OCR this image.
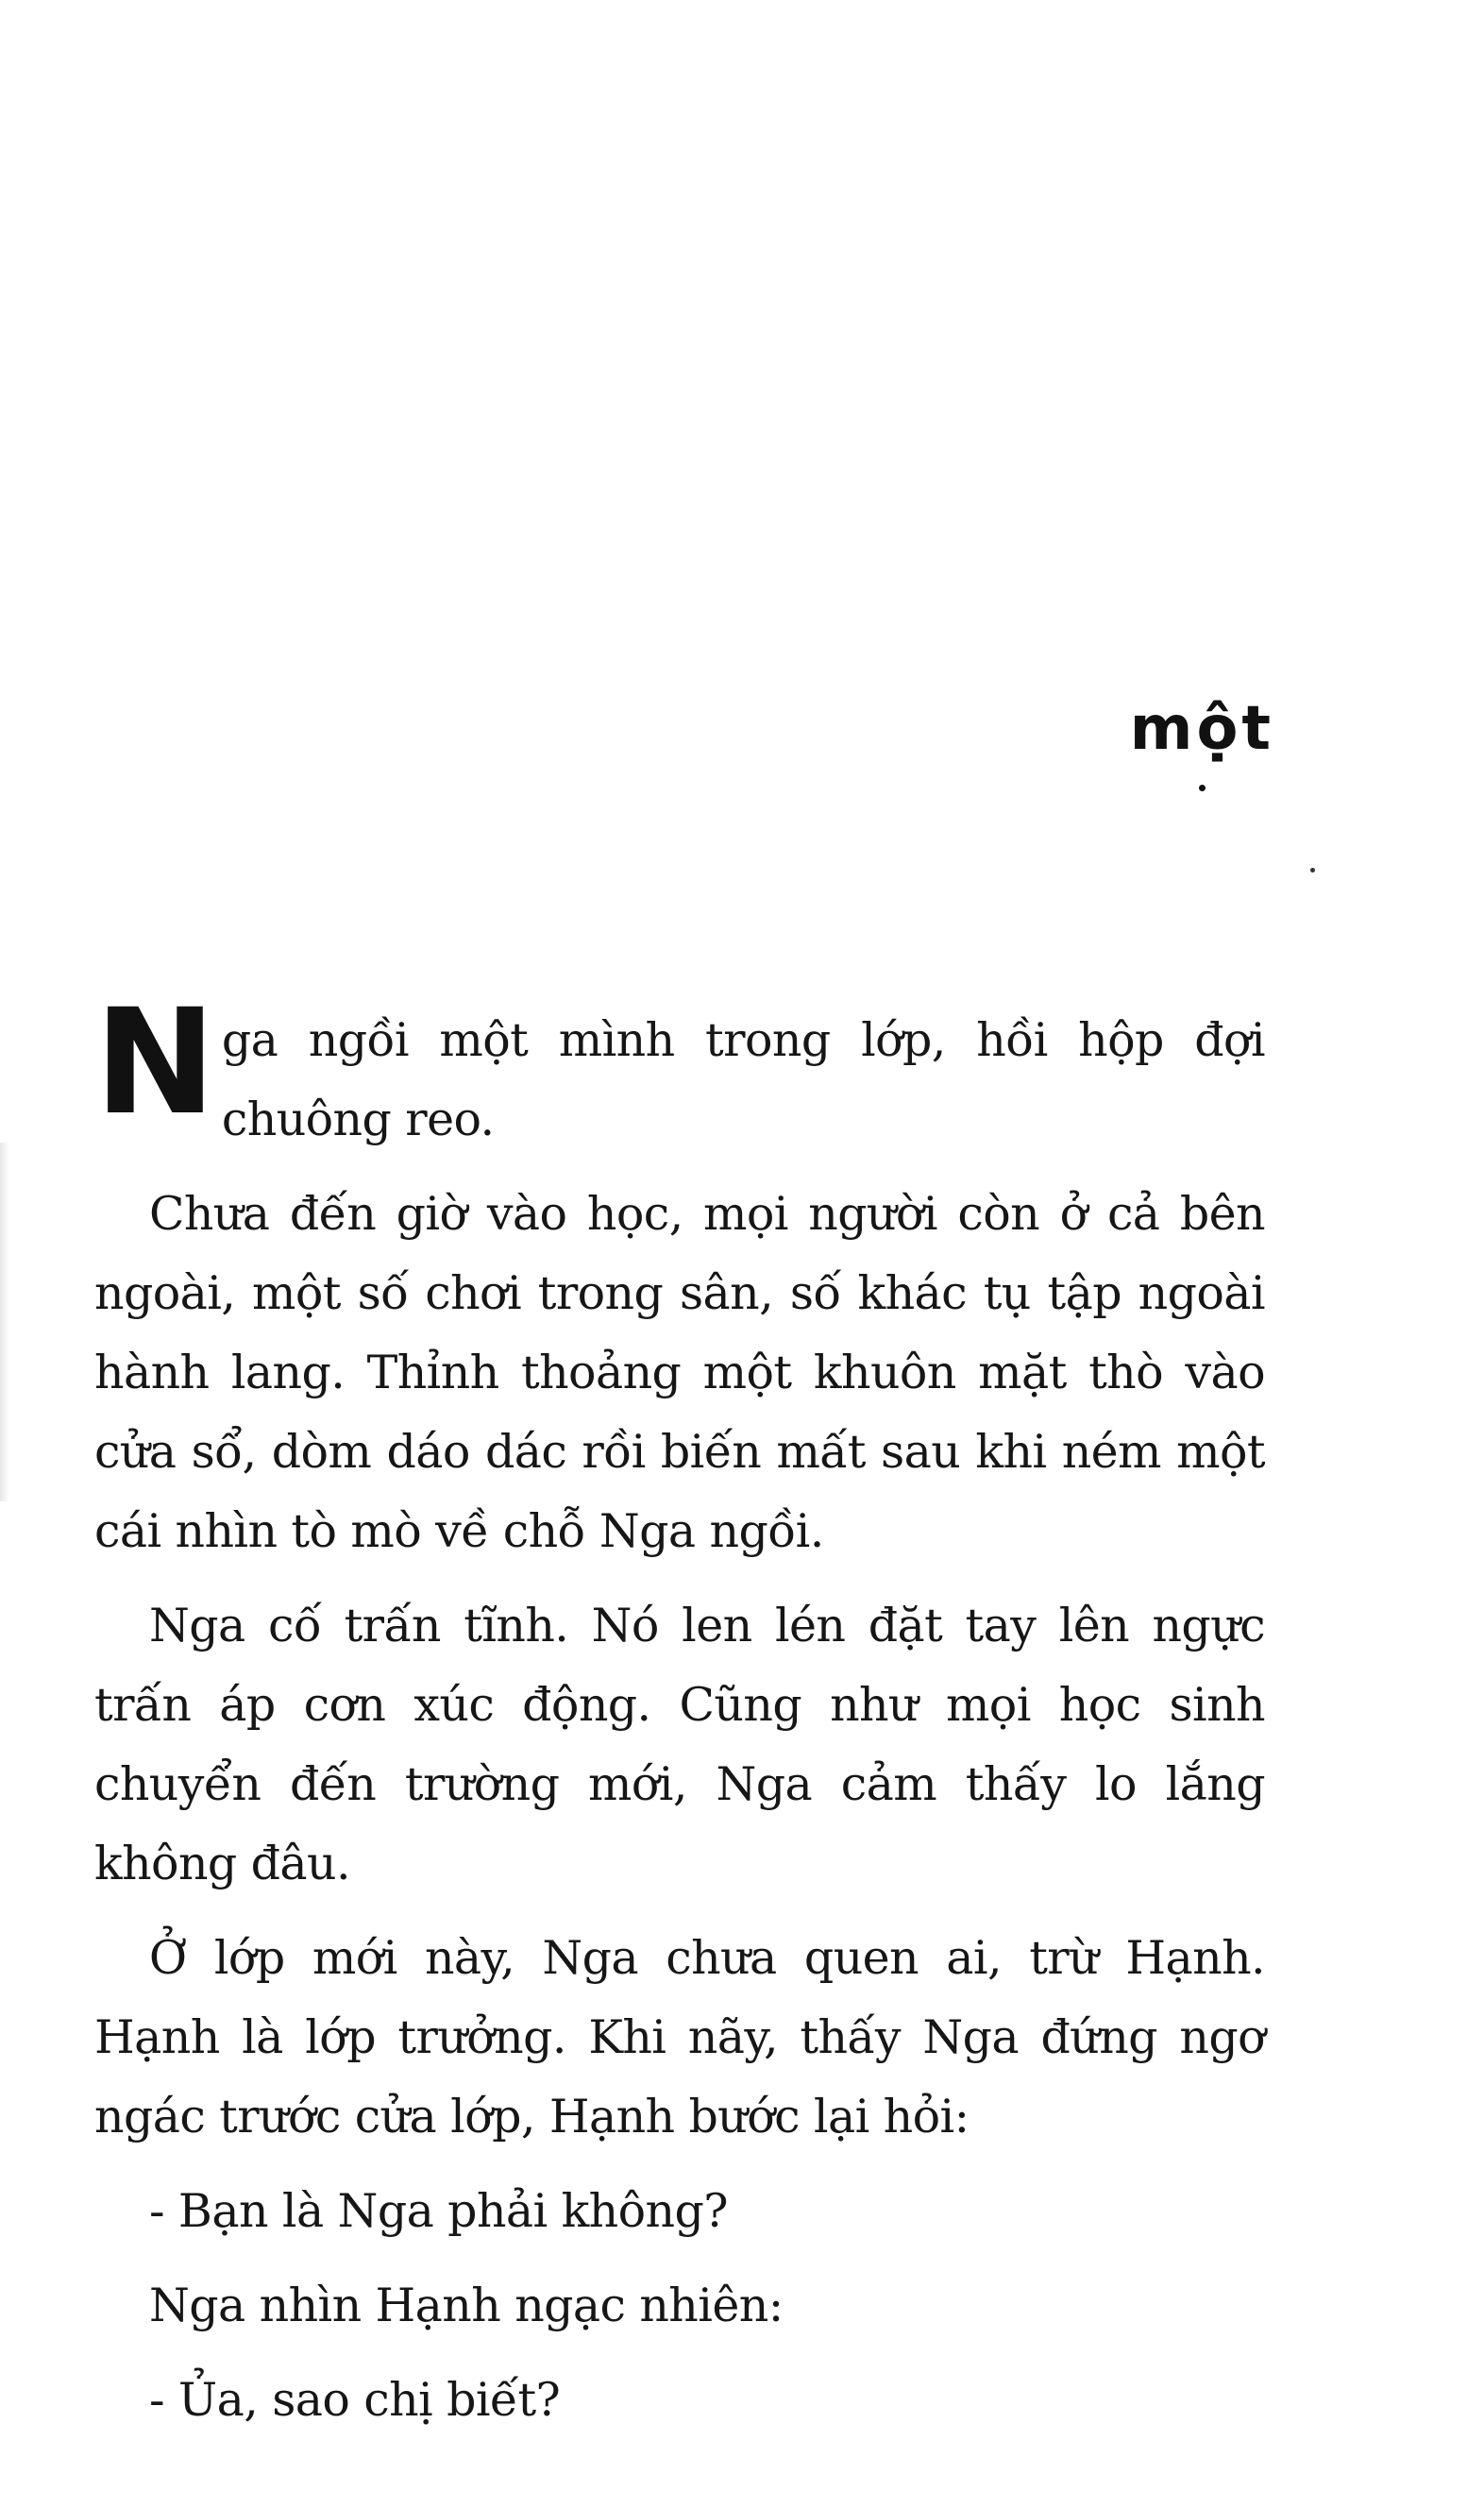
một
N ga ngồi một mình trong lớp, hồi hộp đợi chuông reo.

Chưa đến giờ vào học, mọi người còn ở cả bên ngoài, một số chơi trong sân, số khác tụ tập ngoài hành lang. Thỉnh thoảng một khuôn mặt thò vào cửa sổ, dòm dáo dác rồi biến mất sau khi ném một cái nhìn tò mò về chỗ Nga ngồi.

Nga cố trấn tĩnh. Nó len lén đặt tay lên ngực trấn áp cơn xúc động. Cũng như mọi học sinh chuyển đến trường mới, Nga cảm thấy lo lắng không đâu.

Ở lớp mới này, Nga chưa quen ai, trừ Hạnh. Hạnh là lớp trưởng. Khi nãy, thấy Nga đứng ngơ ngác trước cửa lớp, Hạnh bước lại hỏi:

- Bạn là Nga phải không?

Nga nhìn Hạnh ngạc nhiên:

- Ủa, sao chị biết?
